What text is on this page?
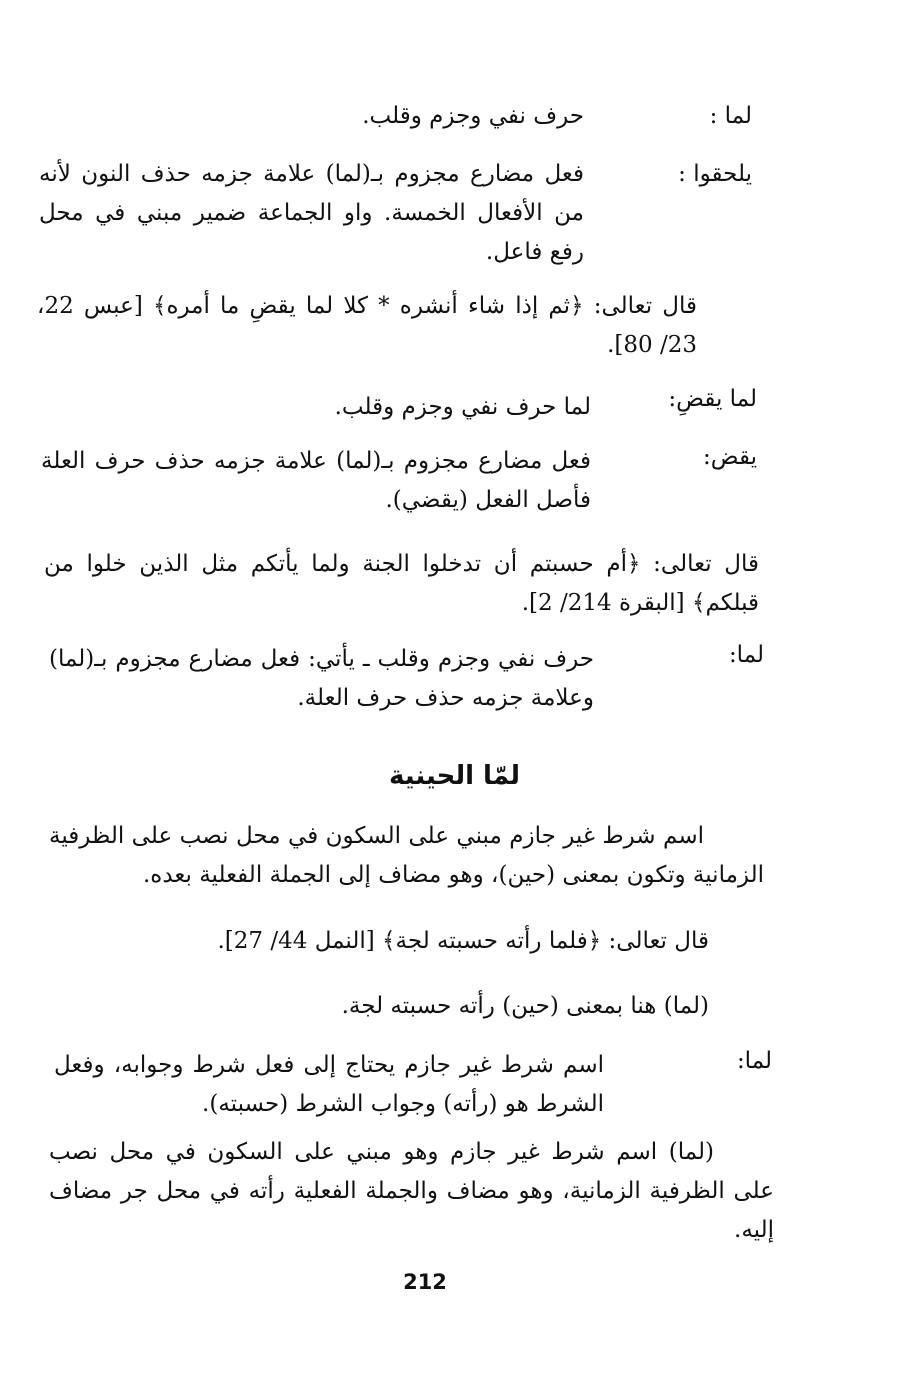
لما :
حرف نفي وجزم وقلب.
يلحقوا :
فعل مضارع مجزوم بـ(لما) علامة جزمه حذف النون لأنه من الأفعال الخمسة. واو الجماعة ضمير مبني في محل رفع فاعل.
قال تعالى: ﴿ثم إذا شاء أنشره * كلا لما يقضِ ما أمره﴾ [عبس 22، 23/ 80].
لما يقضِ:
لما حرف نفي وجزم وقلب.
يقض:
فعل مضارع مجزوم بـ(لما) علامة جزمه حذف حرف العلة فأصل الفعل (يقضي).
قال تعالى: ﴿أم حسبتم أن تدخلوا الجنة ولما يأتكم مثل الذين خلوا من قبلكم﴾ [البقرة 214/ 2].
لما:
حرف نفي وجزم وقلب ـ يأتي: فعل مضارع مجزوم بـ(لما) وعلامة جزمه حذف حرف العلة.
لمّا الحينية
اسم شرط غير جازم مبني على السكون في محل نصب على الظرفية الزمانية وتكون بمعنى (حين)، وهو مضاف إلى الجملة الفعلية بعده.
قال تعالى: ﴿فلما رأته حسبته لجة﴾ [النمل 44/ 27].
(لما) هنا بمعنى (حين) رأته حسبته لجة.
لما:
اسم شرط غير جازم يحتاج إلى فعل شرط وجوابه، وفعل الشرط هو (رأته) وجواب الشرط (حسبته).
(لما) اسم شرط غير جازم وهو مبني على السكون في محل نصب على الظرفية الزمانية، وهو مضاف والجملة الفعلية رأته في محل جر مضاف إليه.
212
